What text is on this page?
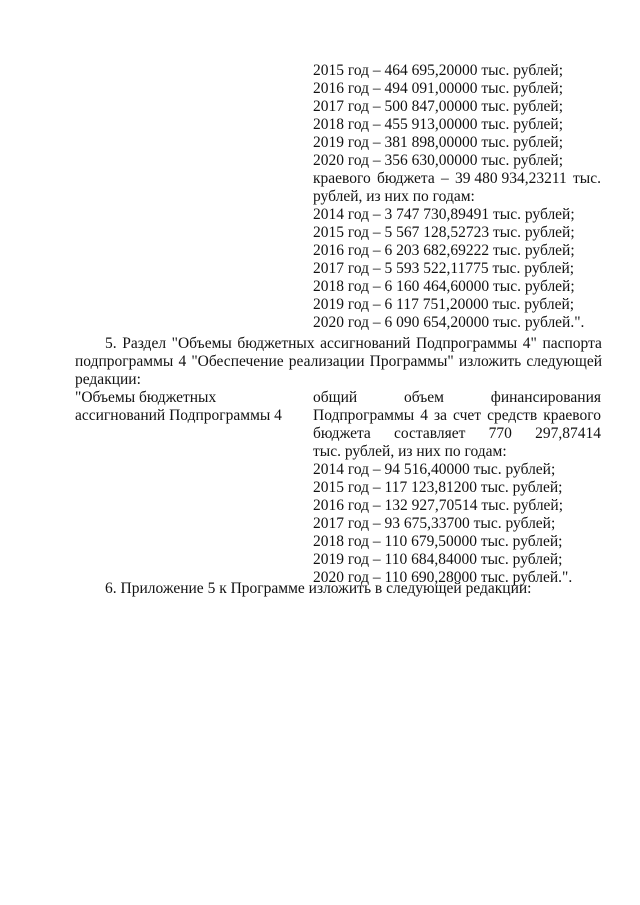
2015 год – 464 695,20000 тыс. рублей;
2016 год – 494 091,00000 тыс. рублей;
2017 год – 500 847,00000 тыс. рублей;
2018 год – 455 913,00000 тыс. рублей;
2019 год – 381 898,00000 тыс. рублей;
2020 год – 356 630,00000 тыс. рублей;
краевого бюджета – 39 480 934,23211 тыс.
рублей, из них по годам:
2014 год – 3 747 730,89491 тыс. рублей;
2015 год – 5 567 128,52723 тыс. рублей;
2016 год – 6 203 682,69222 тыс. рублей;
2017 год – 5 593 522,11775 тыс. рублей;
2018 год – 6 160 464,60000 тыс. рублей;
2019 год – 6 117 751,20000 тыс. рублей;
2020 год – 6 090 654,20000 тыс. рублей.".
5. Раздел "Объемы бюджетных ассигнований Подпрограммы 4" паспорта
подпрограммы 4 "Обеспечение реализации Программы" изложить следующей
редакции:
"Объемы бюджетных
ассигнований Подпрограммы 4
общий	объем	финансирования
Подпрограммы 4 за счет средств краевого
бюджета составляет 770 297,87414
тыс. рублей, из них по годам:
2014 год – 94 516,40000 тыс. рублей;
2015 год – 117 123,81200 тыс. рублей;
2016 год – 132 927,70514 тыс. рублей;
2017 год – 93 675,33700 тыс. рублей;
2018 год – 110 679,50000 тыс. рублей;
2019 год – 110 684,84000 тыс. рублей;
2020 год – 110 690,28000 тыс. рублей.".
6. Приложение 5 к Программе изложить в следующей редакции:
